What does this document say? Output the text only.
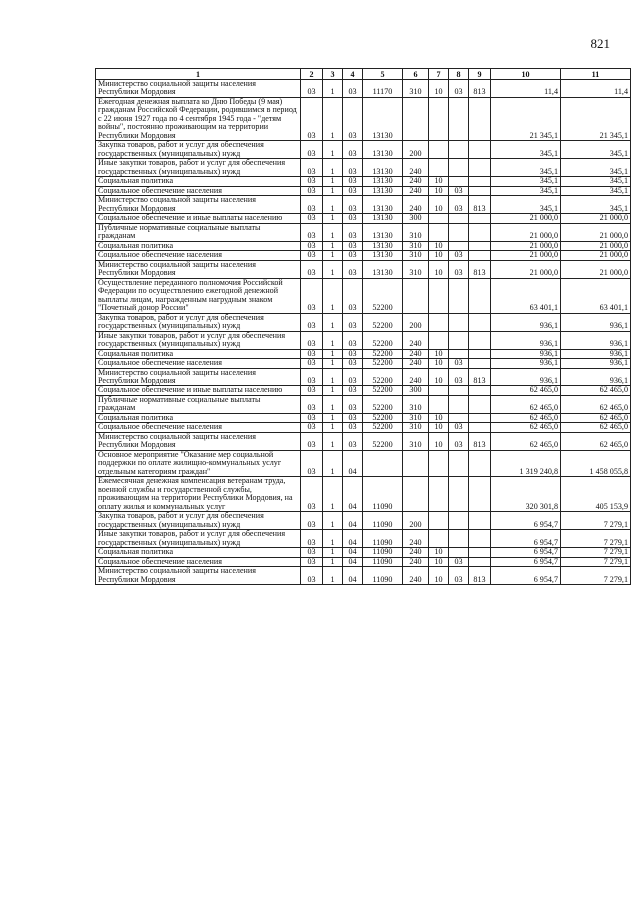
821
1	2	3	4	5	6	7	8	9	10	11
Министерство социальной защиты населения Республики Мордовия	03	1	03	11170	310	10	03	813	11,4	11,4
Ежегодная денежная выплата ко Дню Победы (9 мая) гражданам Российской Федерации, родившимся в период с 22 июня 1927 года по 4 сентября 1945 года - "детям войны", постоянно проживающим на территории Республики Мордовия	03	1	03	13130					21 345,1	21 345,1
Закупка товаров, работ и услуг для обеспечения государственных (муниципальных) нужд	03	1	03	13130	200				345,1	345,1
Иные закупки товаров, работ и услуг для обеспечения государственных (муниципальных) нужд	03	1	03	13130	240				345,1	345,1
Социальная политика	03	1	03	13130	240	10			345,1	345,1
Социальное обеспечение населения	03	1	03	13130	240	10	03		345,1	345,1
Министерство социальной защиты населения Республики Мордовия	03	1	03	13130	240	10	03	813	345,1	345,1
Социальное обеспечение и иные выплаты населению	03	1	03	13130	300				21 000,0	21 000,0
Публичные нормативные социальные выплаты гражданам	03	1	03	13130	310				21 000,0	21 000,0
Социальная политика	03	1	03	13130	310	10			21 000,0	21 000,0
Социальное обеспечение населения	03	1	03	13130	310	10	03		21 000,0	21 000,0
Министерство социальной защиты населения Республики Мордовия	03	1	03	13130	310	10	03	813	21 000,0	21 000,0
Осуществление переданного полномочия Российской Федерации по осуществлению ежегодной денежной выплаты лицам, награжденным нагрудным знаком "Почетный донор России"	03	1	03	52200					63 401,1	63 401,1
Закупка товаров, работ и услуг для обеспечения государственных (муниципальных) нужд	03	1	03	52200	200				936,1	936,1
Иные закупки товаров, работ и услуг для обеспечения государственных (муниципальных) нужд	03	1	03	52200	240				936,1	936,1
Социальная политика	03	1	03	52200	240	10			936,1	936,1
Социальное обеспечение населения	03	1	03	52200	240	10	03		936,1	936,1
Министерство социальной защиты населения Республики Мордовия	03	1	03	52200	240	10	03	813	936,1	936,1
Социальное обеспечение и иные выплаты населению	03	1	03	52200	300				62 465,0	62 465,0
Публичные нормативные социальные выплаты гражданам	03	1	03	52200	310				62 465,0	62 465,0
Социальная политика	03	1	03	52200	310	10			62 465,0	62 465,0
Социальное обеспечение населения	03	1	03	52200	310	10	03		62 465,0	62 465,0
Министерство социальной защиты населения Республики Мордовия	03	1	03	52200	310	10	03	813	62 465,0	62 465,0
Основное мероприятие "Оказание мер социальной поддержки по оплате жилищно-коммунальных услуг отдельным категориям граждан"	03	1	04						1 319 240,8	1 458 055,8
Ежемесячная денежная компенсация ветеранам труда, военной службы и государственной службы, проживающим на территории Республики Мордовия, на оплату жилья и коммунальных услуг	03	1	04	11090					320 301,8	405 153,9
Закупка товаров, работ и услуг для обеспечения государственных (муниципальных) нужд	03	1	04	11090	200				6 954,7	7 279,1
Иные закупки товаров, работ и услуг для обеспечения государственных (муниципальных) нужд	03	1	04	11090	240				6 954,7	7 279,1
Социальная политика	03	1	04	11090	240	10			6 954,7	7 279,1
Социальное обеспечение населения	03	1	04	11090	240	10	03		6 954,7	7 279,1
Министерство социальной защиты населения Республики Мордовия	03	1	04	11090	240	10	03	813	6 954,7	7 279,1
